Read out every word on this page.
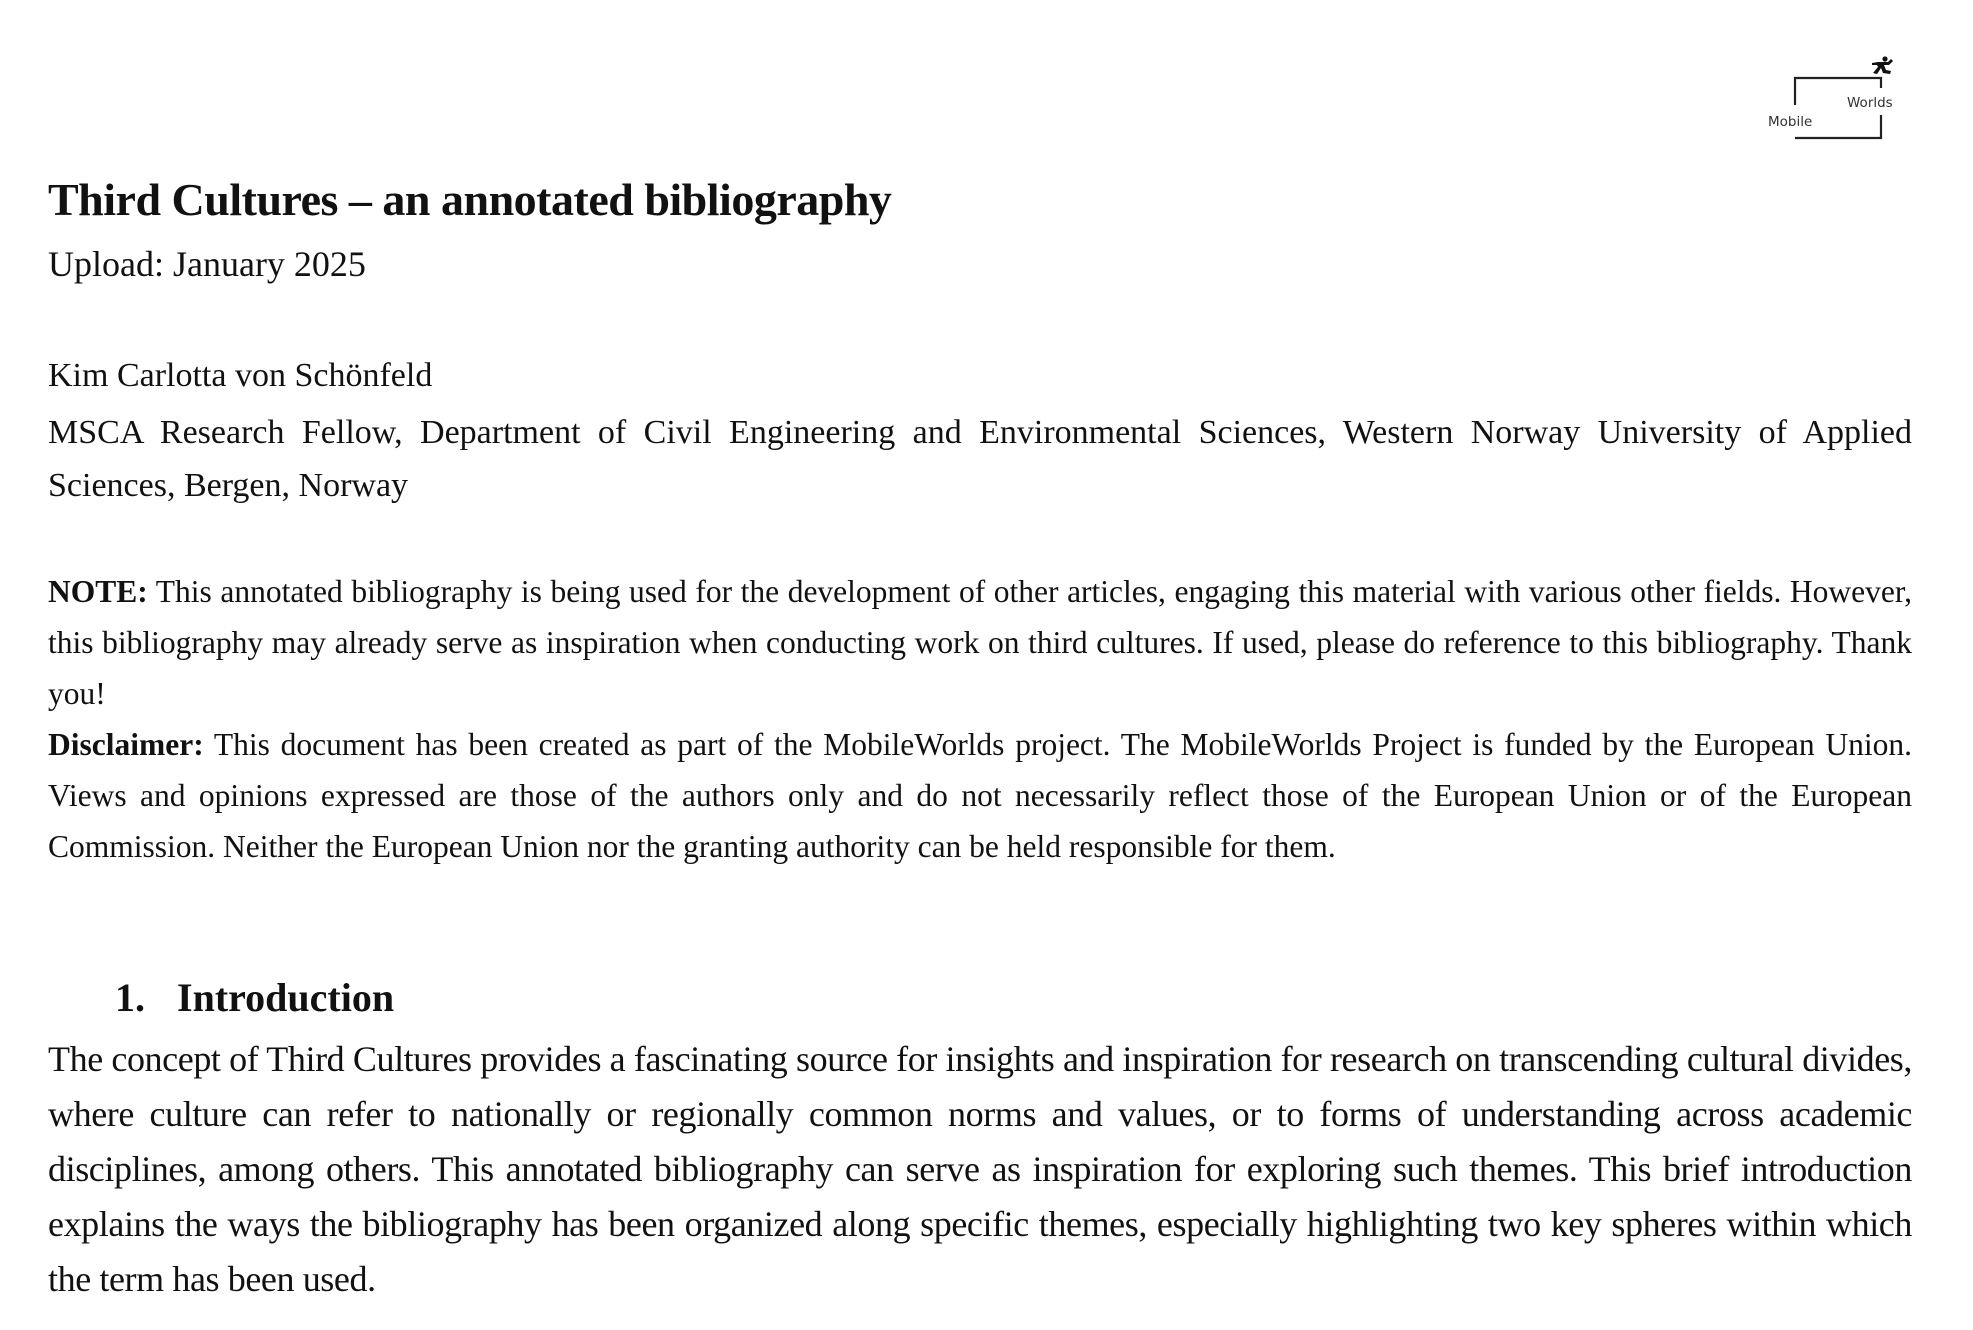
Worlds
Mobile
Third Cultures – an annotated bibliography
Upload: January 2025
Kim Carlotta von Schönfeld
MSCA Research Fellow, Department of Civil Engineering and Environmental Sciences, Western Norway University of Applied Sciences, Bergen, Norway

NOTE: This annotated bibliography is being used for the development of other articles, engaging this material with various other fields. However, this bibliography may already serve as inspiration when conducting work on third cultures. If used, please do reference to this bibliography. Thank you!

Disclaimer: This document has been created as part of the MobileWorlds project. The MobileWorlds Project is funded by the European Union. Views and opinions expressed are those of the authors only and do not necessarily reflect those of the European Union or of the European Commission. Neither the European Union nor the granting authority can be held responsible for them.

1. Introduction

The concept of Third Cultures provides a fascinating source for insights and inspiration for research on transcending cultural divides, where culture can refer to nationally or regionally common norms and values, or to forms of understanding across academic disciplines, among others. This annotated bibliography can serve as inspiration for exploring such themes. This brief introduction explains the ways the bibliography has been organized along specific themes, especially highlighting two key spheres within which the term has been used.
